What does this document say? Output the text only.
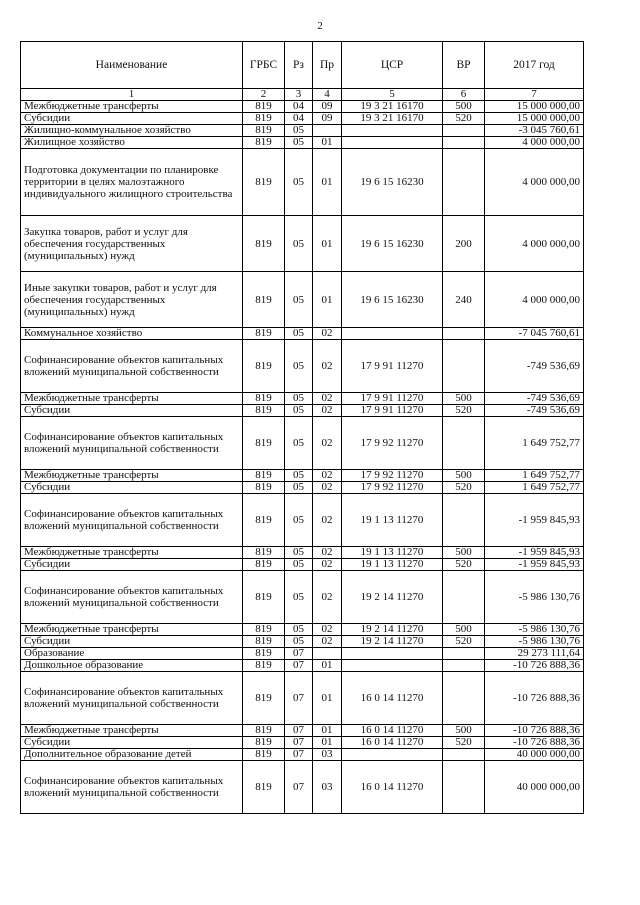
2
Наименование	ГРБС	Рз	Пр	ЦСР	ВР	2017 год
1	2	3	4	5	6	7
Межбюджетные трансферты	819	04	09	19 3 21 16170	500	15 000 000,00
Субсидии	819	04	09	19 3 21 16170	520	15 000 000,00
Жилищно-коммунальное хозяйство	819	05				-3 045 760,61
Жилищное хозяйство	819	05	01			4 000 000,00
Подготовка документации по планировке территории в целях малоэтажного индивидуального жилищного строительства	819	05	01	19 6 15 16230		4 000 000,00
Закупка товаров, работ и услуг для обеспечения государственных (муниципальных) нужд	819	05	01	19 6 15 16230	200	4 000 000,00
Иные закупки товаров, работ и услуг для обеспечения государственных (муниципальных) нужд	819	05	01	19 6 15 16230	240	4 000 000,00
Коммунальное хозяйство	819	05	02			-7 045 760,61
Софинансирование объектов капитальных вложений муниципальной собственности	819	05	02	17 9 91 11270		-749 536,69
Межбюджетные трансферты	819	05	02	17 9 91 11270	500	-749 536,69
Субсидии	819	05	02	17 9 91 11270	520	-749 536,69
Софинансирование объектов капитальных вложений муниципальной собственности	819	05	02	17 9 92 11270		1 649 752,77
Межбюджетные трансферты	819	05	02	17 9 92 11270	500	1 649 752,77
Субсидии	819	05	02	17 9 92 11270	520	1 649 752,77
Софинансирование объектов капитальных вложений муниципальной собственности	819	05	02	19 1 13 11270		-1 959 845,93
Межбюджетные трансферты	819	05	02	19 1 13 11270	500	-1 959 845,93
Субсидии	819	05	02	19 1 13 11270	520	-1 959 845,93
Софинансирование объектов капитальных вложений муниципальной собственности	819	05	02	19 2 14 11270		-5 986 130,76
Межбюджетные трансферты	819	05	02	19 2 14 11270	500	-5 986 130,76
Субсидии	819	05	02	19 2 14 11270	520	-5 986 130,76
Образование	819	07				29 273 111,64
Дошкольное образование	819	07	01			-10 726 888,36
Софинансирование объектов капитальных вложений муниципальной собственности	819	07	01	16 0 14 11270		-10 726 888,36
Межбюджетные трансферты	819	07	01	16 0 14 11270	500	-10 726 888,36
Субсидии	819	07	01	16 0 14 11270	520	-10 726 888,36
Дополнительное образование детей	819	07	03			40 000 000,00
Софинансирование объектов капитальных вложений муниципальной собственности	819	07	03	16 0 14 11270		40 000 000,00
